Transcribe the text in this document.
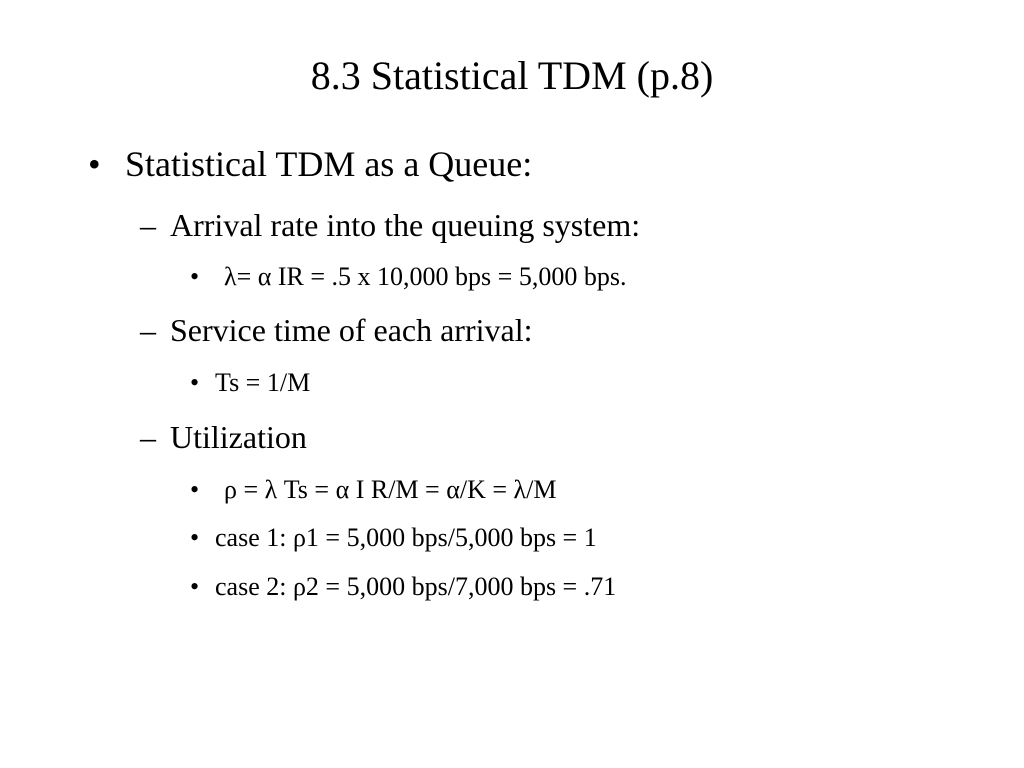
8.3 Statistical TDM (p.8)
• Statistical TDM as a Queue:
– Arrival rate into the queuing system:
• λ= α IR = .5 x 10,000 bps = 5,000 bps.
– Service time of each arrival:
• Ts = 1/M
– Utilization
• ρ = λ Ts = α I R/M = α/K = λ/M
• case 1: ρ1 = 5,000 bps/5,000 bps = 1
• case 2: ρ2 = 5,000 bps/7,000 bps = .71
